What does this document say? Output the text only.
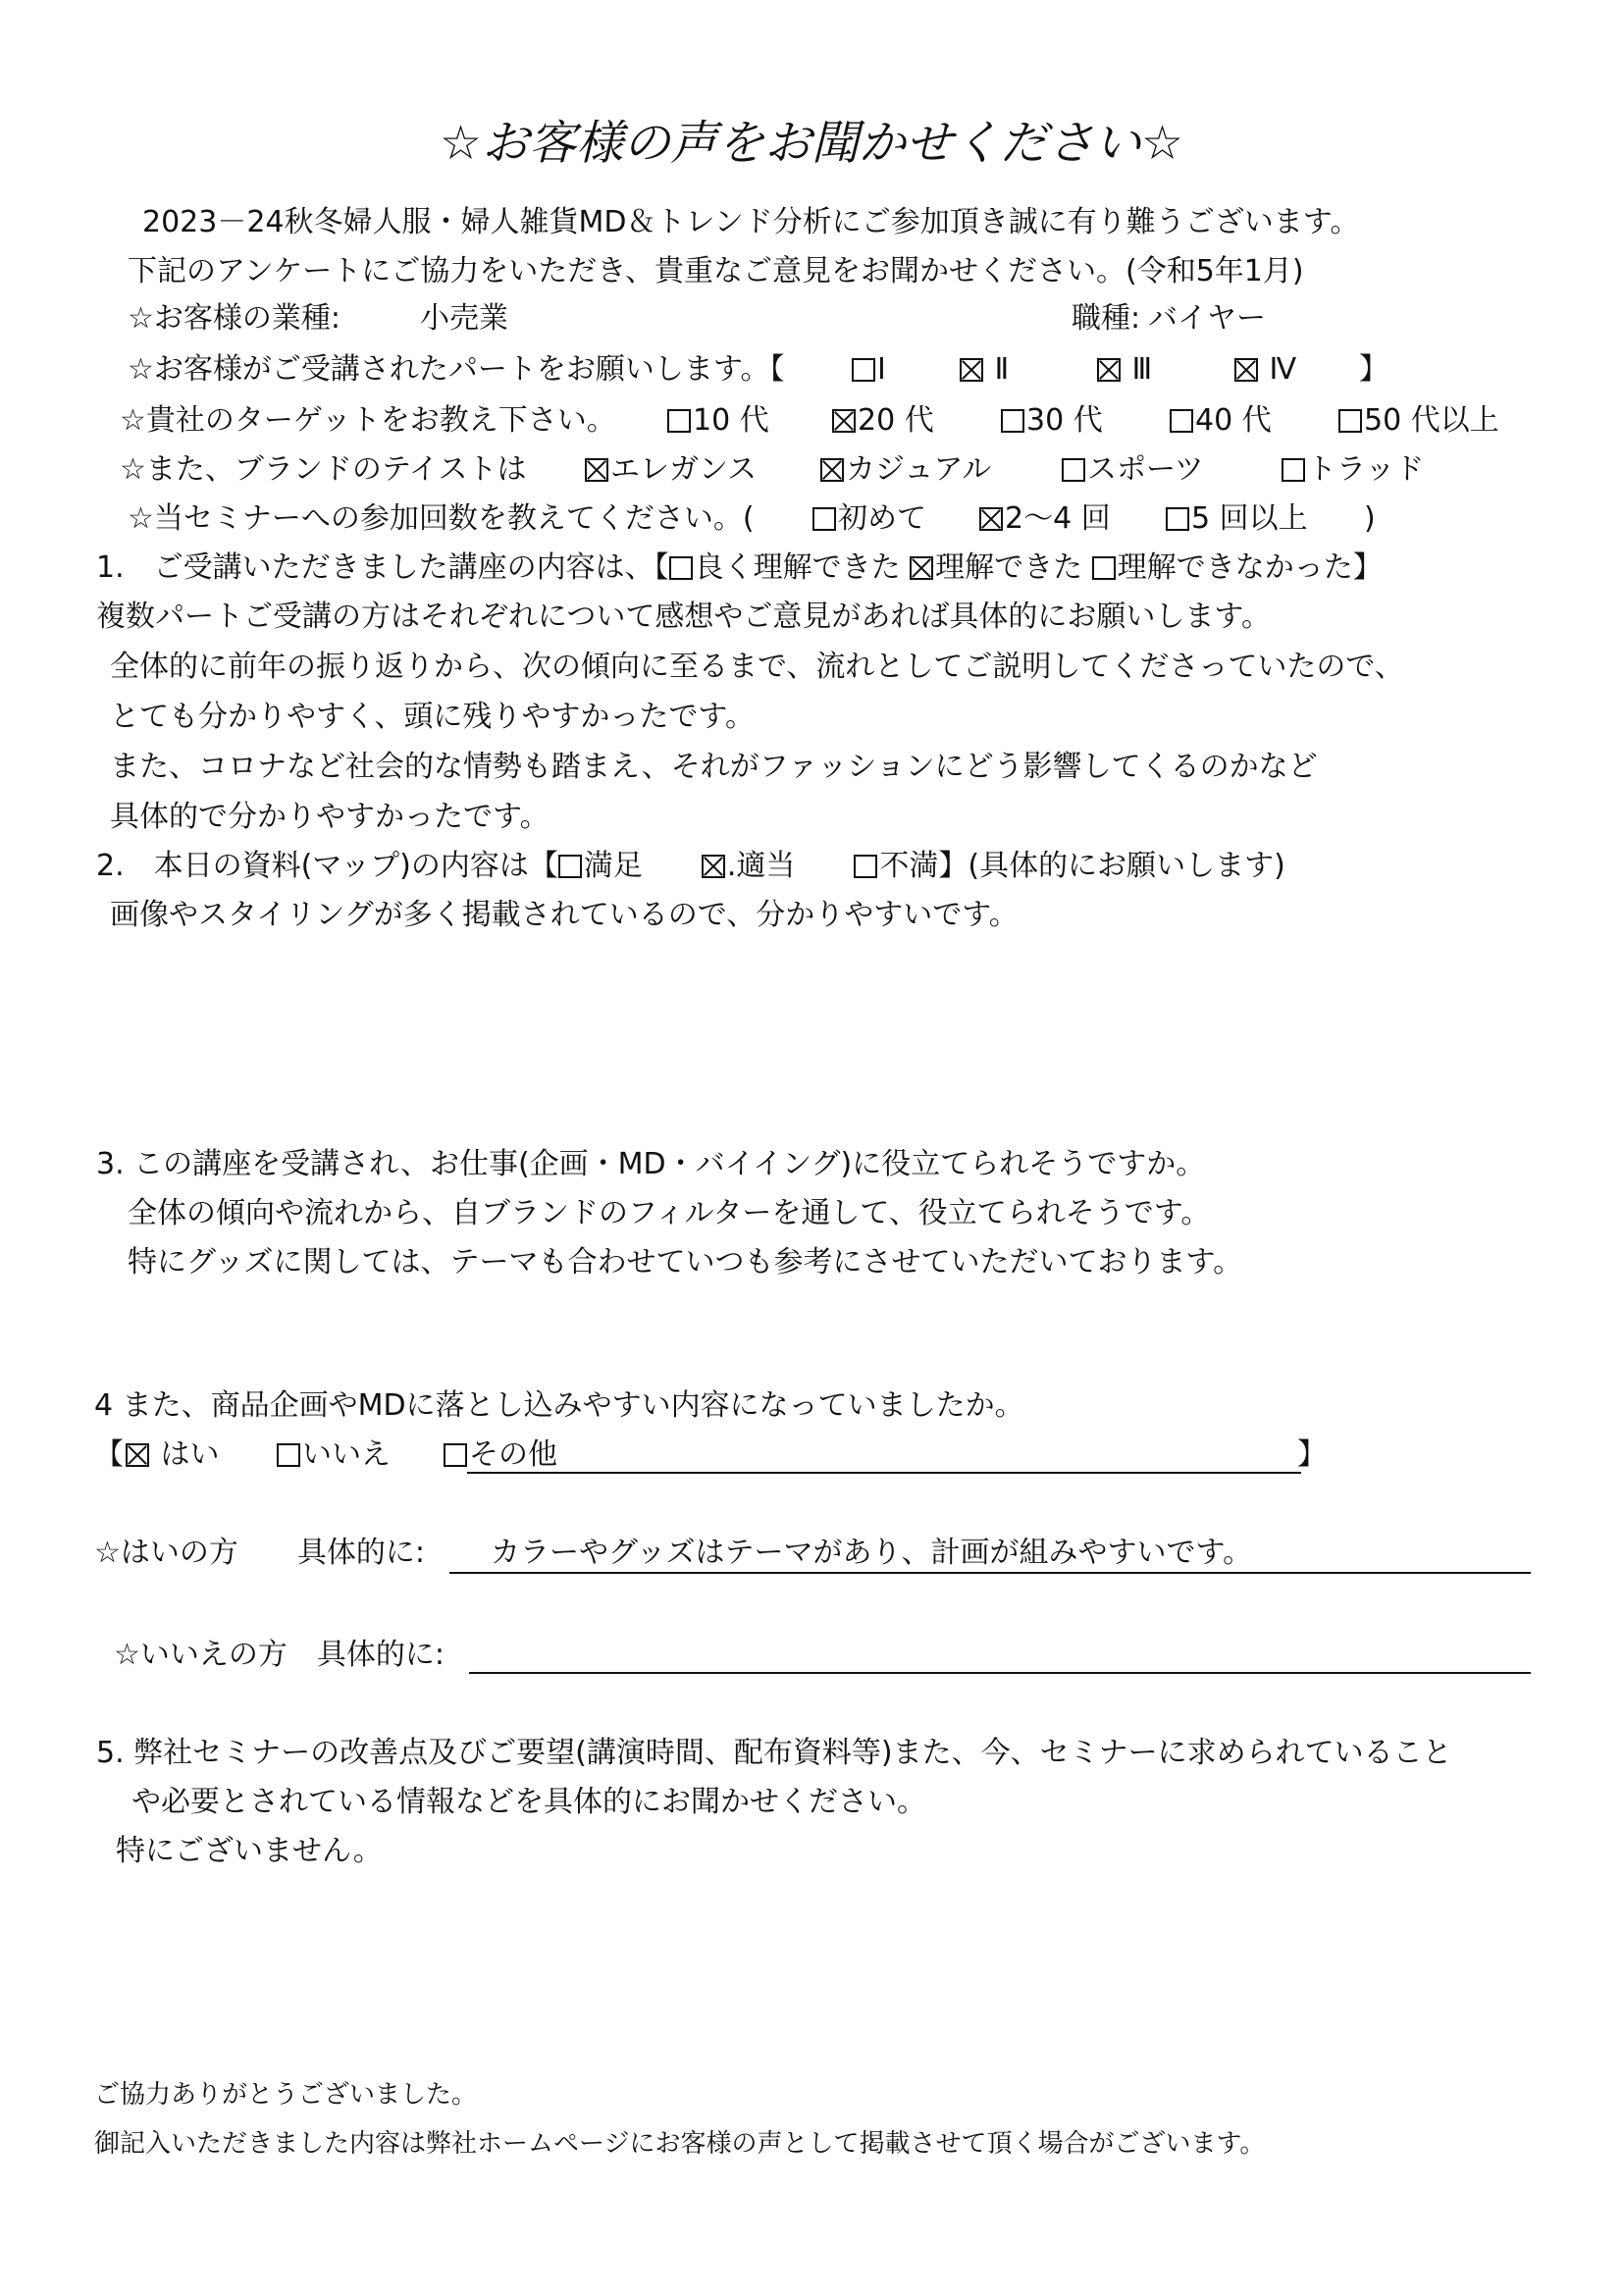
☆お客様の声をお聞かせください☆
2023－24秋冬婦人服・婦人雑貨MD＆トレンド分析にご参加頂き誠に有り難うございます。
下記のアンケートにご協力をいただき、貴重なご意見をお聞かせください。(令和5年1月)
☆お客様の業種:	小売業	職種: バイヤー
☆お客様がご受講されたパートをお願いします。【	I	Ⅱ	Ⅲ	Ⅳ 】
☆貴社のターゲットをお教え下さい。	10 代	20 代	30 代	40 代	50 代以上
☆また、ブランドのテイストは	エレガンス	カジュアル	スポーツ	トラッド
☆当セミナーへの参加回数を教えてください。(	初めて	2～4 回	5 回以上 )
1.　ご受講いただきました講座の内容は、【 良く理解できた 理解できた 理解できなかった】
複数パートご受講の方はそれぞれについて感想やご意見があれば具体的にお願いします。
全体的に前年の振り返りから、次の傾向に至るまで、流れとしてご説明してくださっていたので、
とても分かりやすく、頭に残りやすかったです。
また、コロナなど社会的な情勢も踏まえ、それがファッションにどう影響してくるのかなど
具体的で分かりやすかったです。
2.　本日の資料(マップ)の内容は【 満足　　	.適当　　	不満】(具体的にお願いします)
画像やスタイリングが多く掲載されているので、分かりやすいです。
3. この講座を受講され、お仕事(企画・MD・バイイング)に役立てられそうですか。
全体の傾向や流れから、自ブランドのフィルターを通して、役立てられそうです。
特にグッズに関しては、テーマも合わせていつも参考にさせていただいております。
4 また、商品企画やMDに落とし込みやすい内容になっていましたか。
【	はい	いいえ	その他	】
☆はいの方　　具体的に: カラーやグッズはテーマがあり、計画が組みやすいです。
☆いいえの方　具体的に:
5. 弊社セミナーの改善点及びご要望(講演時間、配布資料等)また、今、セミナーに求められていること
や必要とされている情報などを具体的にお聞かせください。
特にございません。
ご協力ありがとうございました。
御記入いただきました内容は弊社ホームページにお客様の声として掲載させて頂く場合がございます。
